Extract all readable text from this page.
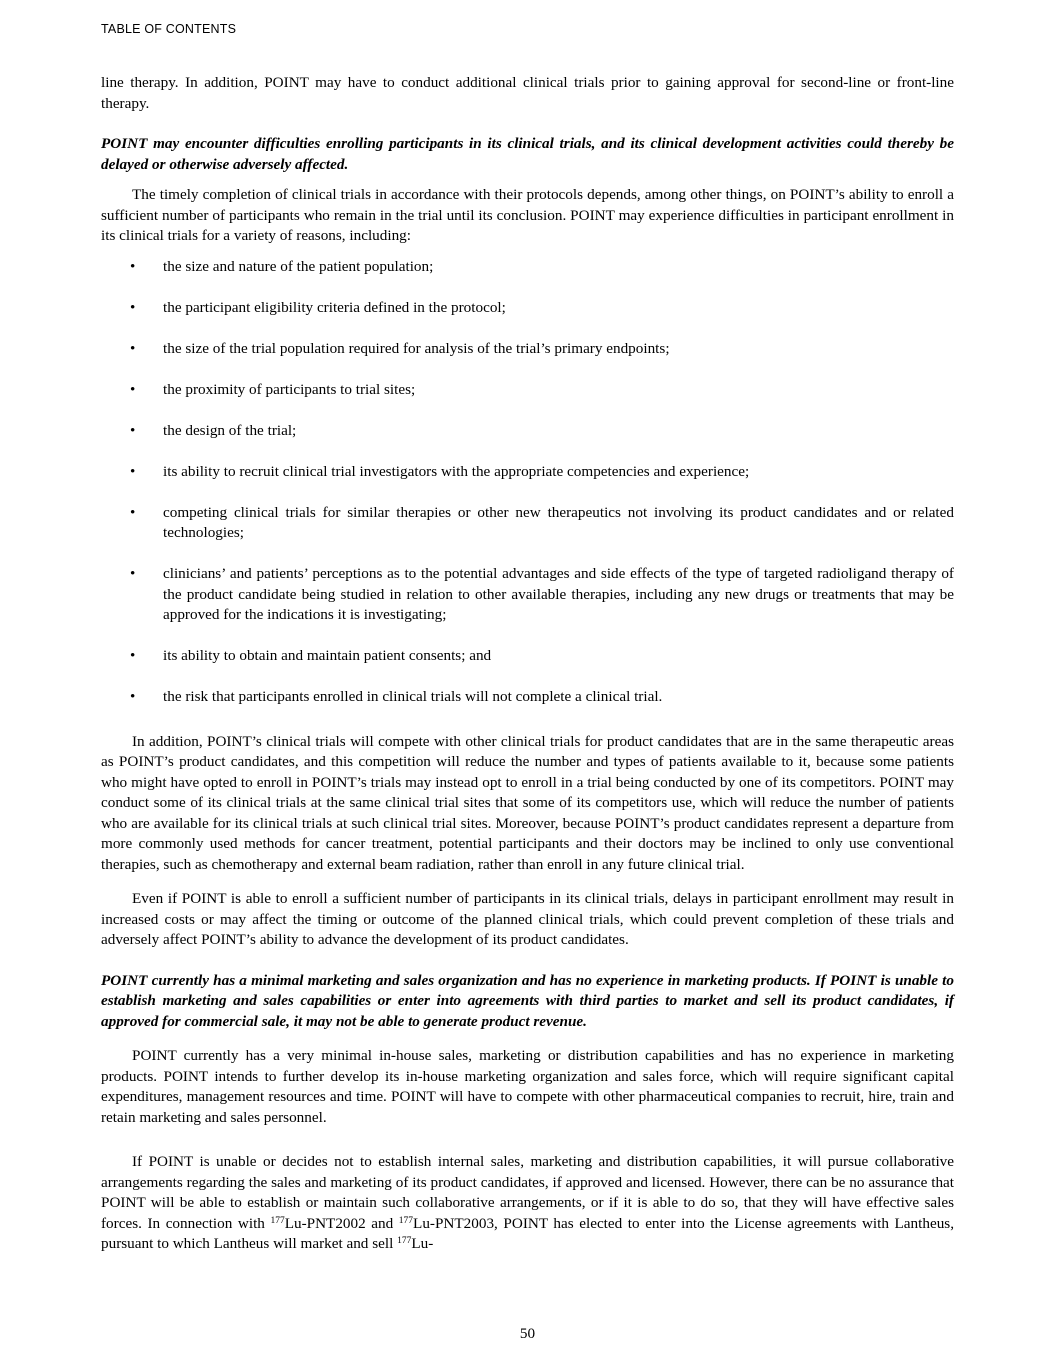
TABLE OF CONTENTS

line therapy. In addition, POINT may have to conduct additional clinical trials prior to gaining approval for second-line or front-line therapy.

POINT may encounter difficulties enrolling participants in its clinical trials, and its clinical development activities could thereby be delayed or otherwise adversely affected.

The timely completion of clinical trials in accordance with their protocols depends, among other things, on POINT’s ability to enroll a sufficient number of participants who remain in the trial until its conclusion. POINT may experience difficulties in participant enrollment in its clinical trials for a variety of reasons, including:

• the size and nature of the patient population;
• the participant eligibility criteria defined in the protocol;
• the size of the trial population required for analysis of the trial’s primary endpoints;
• the proximity of participants to trial sites;
• the design of the trial;
• its ability to recruit clinical trial investigators with the appropriate competencies and experience;
• competing clinical trials for similar therapies or other new therapeutics not involving its product candidates and or related technologies;
• clinicians’ and patients’ perceptions as to the potential advantages and side effects of the type of targeted radioligand therapy of the product candidate being studied in relation to other available therapies, including any new drugs or treatments that may be approved for the indications it is investigating;
• its ability to obtain and maintain patient consents; and
• the risk that participants enrolled in clinical trials will not complete a clinical trial.

In addition, POINT’s clinical trials will compete with other clinical trials for product candidates that are in the same therapeutic areas as POINT’s product candidates, and this competition will reduce the number and types of patients available to it, because some patients who might have opted to enroll in POINT’s trials may instead opt to enroll in a trial being conducted by one of its competitors. POINT may conduct some of its clinical trials at the same clinical trial sites that some of its competitors use, which will reduce the number of patients who are available for its clinical trials at such clinical trial sites. Moreover, because POINT’s product candidates represent a departure from more commonly used methods for cancer treatment, potential participants and their doctors may be inclined to only use conventional therapies, such as chemotherapy and external beam radiation, rather than enroll in any future clinical trial.

Even if POINT is able to enroll a sufficient number of participants in its clinical trials, delays in participant enrollment may result in increased costs or may affect the timing or outcome of the planned clinical trials, which could prevent completion of these trials and adversely affect POINT’s ability to advance the development of its product candidates.

POINT currently has a minimal marketing and sales organization and has no experience in marketing products. If POINT is unable to establish marketing and sales capabilities or enter into agreements with third parties to market and sell its product candidates, if approved for commercial sale, it may not be able to generate product revenue.

POINT currently has a very minimal in-house sales, marketing or distribution capabilities and has no experience in marketing products. POINT intends to further develop its in-house marketing organization and sales force, which will require significant capital expenditures, management resources and time. POINT will have to compete with other pharmaceutical companies to recruit, hire, train and retain marketing and sales personnel.

If POINT is unable or decides not to establish internal sales, marketing and distribution capabilities, it will pursue collaborative arrangements regarding the sales and marketing of its product candidates, if approved and licensed. However, there can be no assurance that POINT will be able to establish or maintain such collaborative arrangements, or if it is able to do so, that they will have effective sales forces. In connection with $^{177}$Lu-PNT2002 and $^{177}$Lu-PNT2003, POINT has elected to enter into the License agreements with Lantheus, pursuant to which Lantheus will market and sell $^{177}$Lu-

50
